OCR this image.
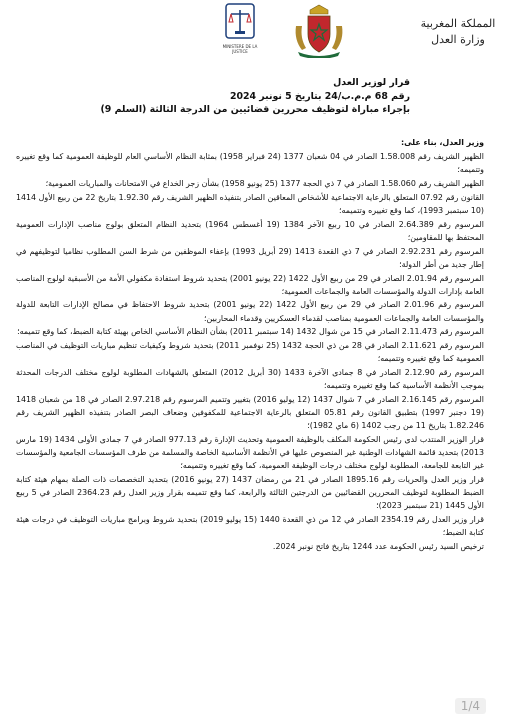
MINISTERE DE LA JUSTICE
المملكة المغربية
وزارة العدل
قرار لوزير العدل
رقم 68 م.م.ب/24 بتاريخ 5 نونبر 2024
بإجراء مباراة لتوظيف محررين قضائيين من الدرجة الثالثة (السلم 9)
وزير العدل، بناء على:

الظهير الشريف رقم 1.58.008 الصادر في 04 شعبان 1377 (24 فبراير 1958) بمثابة النظام الأساسي العام للوظيفة العمومية كما وقع تغييره وتتميمه؛

الظهير الشريف رقم 1.58.060 الصادر في 7 ذي الحجة 1377 (25 يونيو 1958) بشأن زجر الخداع في الامتحانات والمباريات العمومية؛

القانون رقم 07.92 المتعلق بالرعاية الاجتماعية للأشخاص المعاقين الصادر بتنفيذه الظهير الشريف رقم 1.92.30 بتاريخ 22 من ربيع الأول 1414 (10 سبتمبر 1993)، كما وقع تغييره وتتميمه؛

المرسوم رقم 2.64.389 الصادر في 10 ربيع الآخر 1384 (19 أغسطس 1964) بتحديد النظام المتعلق بولوج مناصب الإدارات العمومية المحتفظ بها للمقاومين؛

المرسوم رقم 2.92.231 الصادر في 7 ذي القعدة 1413 (29 أبريل 1993) بإعفاء الموظفين من شرط السن المطلوب نظاميا لتوظيفهم في إطار جديد من أطر الدولة؛

المرسوم رقم 2.01.94 الصادر في 29 من ربيع الأول 1422 (22 يونيو 2001) بتحديد شروط استفادة مكفولي الأمة من الأسبقية لولوج المناصب العامة بإدارات الدولة والمؤسسات العامة والجماعات العمومية؛

المرسوم رقم 2.01.96 الصادر في 29 من ربيع الأول 1422 (22 يونيو 2001) بتحديد شروط الاحتفاظ في مصالح الإدارات التابعة للدولة والمؤسسات العامة والجماعات العمومية بمناصب لقدماء العسكريين وقدماء المحاربين؛

المرسوم رقم 2.11.473 الصادر في 15 من شوال 1432 (14 سبتمبر 2011) بشأن النظام الأساسي الخاص بهيئة كتابة الضبط، كما وقع تتميمه؛

المرسوم رقم 2.11.621 الصادر في 28 من ذي الحجة 1432 (25 نوفمبر 2011) بتحديد شروط وكيفيات تنظيم مباريات التوظيف في المناصب العمومية كما وقع تغييره وتتميمه؛

المرسوم رقم 2.12.90 الصادر في 8 جمادى الآخرة 1433 (30 أبريل 2012) المتعلق بالشهادات المطلوبة لولوج مختلف الدرجات المحدثة بموجب الأنظمة الأساسية كما وقع تغييره وتتميمه؛

المرسوم رقم 2.16.145 الصادر في 7 شوال 1437 (12 يوليو 2016) بتغيير وتتميم المرسوم رقم 2.97.218 الصادر في 18 من شعبان 1418 (19 دجنبر 1997) بتطبيق القانون رقم 05.81 المتعلق بالرعاية الاجتماعية للمكفوفين وضعاف البصر الصادر بتنفيذه الظهير الشريف رقم 1.82.246 بتاريخ 11 من رجب 1402 (6 ماي 1982)؛

قرار الوزير المنتدب لدى رئيس الحكومة المكلف بالوظيفة العمومية وتحديث الإدارة رقم 977.13 الصادر في 7 جمادى الأولى 1434 (19 مارس 2013) بتحديد قائمة الشهادات الوطنية غير المنصوص عليها في الأنظمة الأساسية الخاصة والمسلمة من طرف المؤسسات الجامعية والمؤسسات غير التابعة للجامعة، المطلوبة لولوج مختلف درجات الوظيفة العمومية، كما وقع تغييره وتتميمه؛

قرار وزير العدل والحريات رقم 1895.16 الصادر في 21 من رمضان 1437 (27 يونيو 2016) بتحديد التخصصات ذات الصلة بمهام هيئة كتابة الضبط المطلوبة لتوظيف المحررين القضائيين من الدرجتين الثالثة والرابعة، كما وقع تتميمه بقرار وزير العدل رقم 2364.23 الصادر في 5 ربيع الأول 1445 (21 سبتمبر 2023)؛

قرار وزير العدل رقم 2354.19 الصادر في 12 من ذي القعدة 1440 (15 يوليو 2019) بتحديد شروط وبرامج مباريات التوظيف في درجات هيئة كتابة الضبط؛

ترخيص السيد رئيس الحكومة عدد 1244 بتاريخ فاتح نونبر 2024.

1/4
